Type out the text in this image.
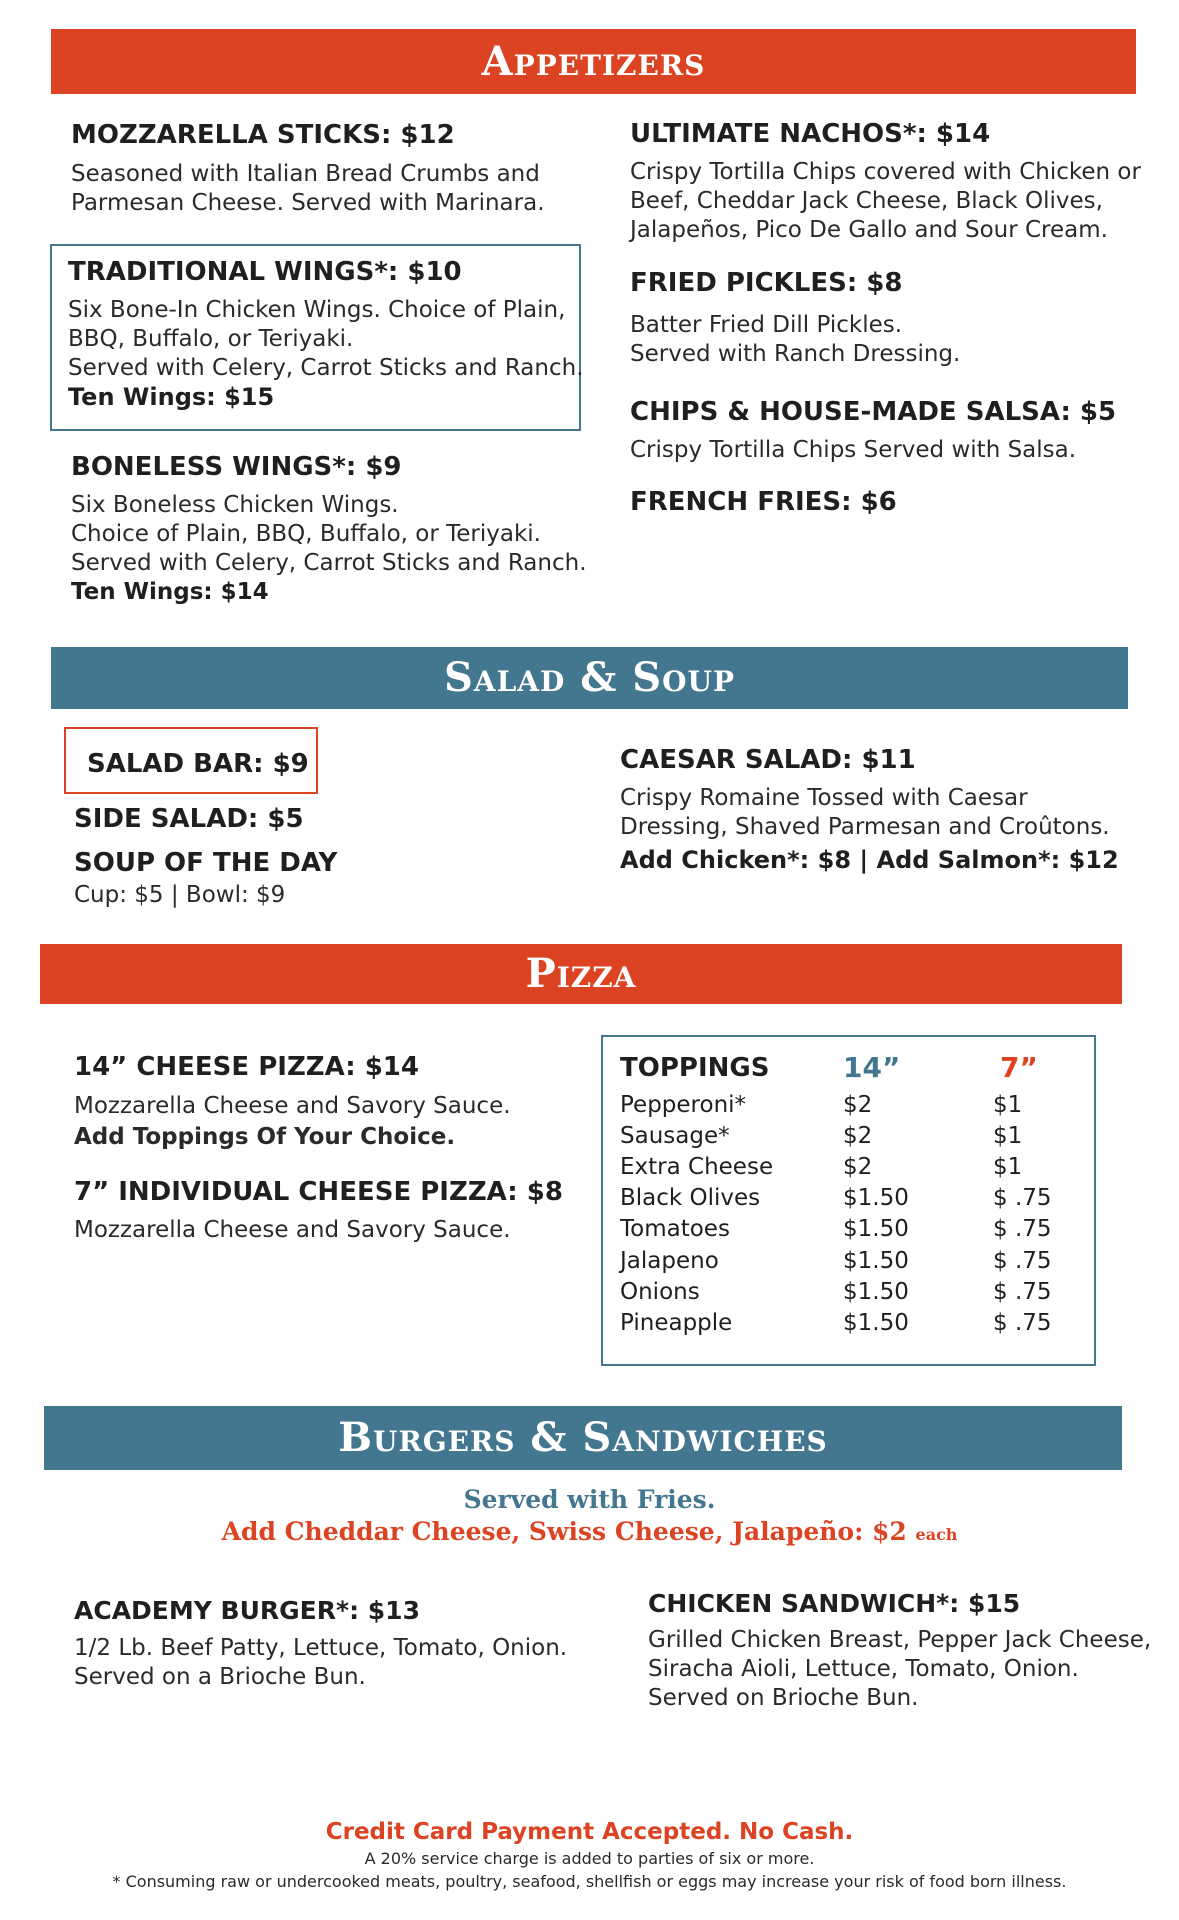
Appetizers
MOZZARELLA STICKS: $12
Seasoned with Italian Bread Crumbs and
Parmesan Cheese. Served with Marinara.
TRADITIONAL WINGS*: $10
Six Bone-In Chicken Wings. Choice of Plain,
BBQ, Buffalo, or Teriyaki.
Served with Celery, Carrot Sticks and Ranch.
Ten Wings: $15
BONELESS WINGS*: $9
Six Boneless Chicken Wings.
Choice of Plain, BBQ, Buffalo, or Teriyaki.
Served with Celery, Carrot Sticks and Ranch.
Ten Wings: $14
ULTIMATE NACHOS*: $14
Crispy Tortilla Chips covered with Chicken or
Beef, Cheddar Jack Cheese, Black Olives,
Jalapeños, Pico De Gallo and Sour Cream.
FRIED PICKLES: $8
Batter Fried Dill Pickles.
Served with Ranch Dressing.
CHIPS & HOUSE-MADE SALSA: $5
Crispy Tortilla Chips Served with Salsa.
FRENCH FRIES: $6
Salad & Soup
SALAD BAR: $9
SIDE SALAD: $5
SOUP OF THE DAY
Cup: $5 | Bowl: $9
CAESAR SALAD: $11
Crispy Romaine Tossed with Caesar
Dressing, Shaved Parmesan and Croûtons.
Add Chicken*: $8 | Add Salmon*: $12
Pizza
14” CHEESE PIZZA: $14
Mozzarella Cheese and Savory Sauce.
Add Toppings Of Your Choice.
7” INDIVIDUAL CHEESE PIZZA: $8
Mozzarella Cheese and Savory Sauce.
TOPPINGS	14”	7”
Pepperoni*	$2	$1
Sausage*	$2	$1
Extra Cheese	$2	$1
Black Olives	$1.50	$ .75
Tomatoes	$1.50	$ .75
Jalapeno	$1.50	$ .75
Onions	$1.50	$ .75
Pineapple	$1.50	$ .75
Burgers & Sandwiches
Served with Fries.
Add Cheddar Cheese, Swiss Cheese, Jalapeño: $2 each
ACADEMY BURGER*: $13
1/2 Lb. Beef Patty, Lettuce, Tomato, Onion.
Served on a Brioche Bun.
CHICKEN SANDWICH*: $15
Grilled Chicken Breast, Pepper Jack Cheese,
Siracha Aioli, Lettuce, Tomato, Onion.
Served on Brioche Bun.
Credit Card Payment Accepted. No Cash.
A 20% service charge is added to parties of six or more.
* Consuming raw or undercooked meats, poultry, seafood, shellfish or eggs may increase your risk of food born illness.
